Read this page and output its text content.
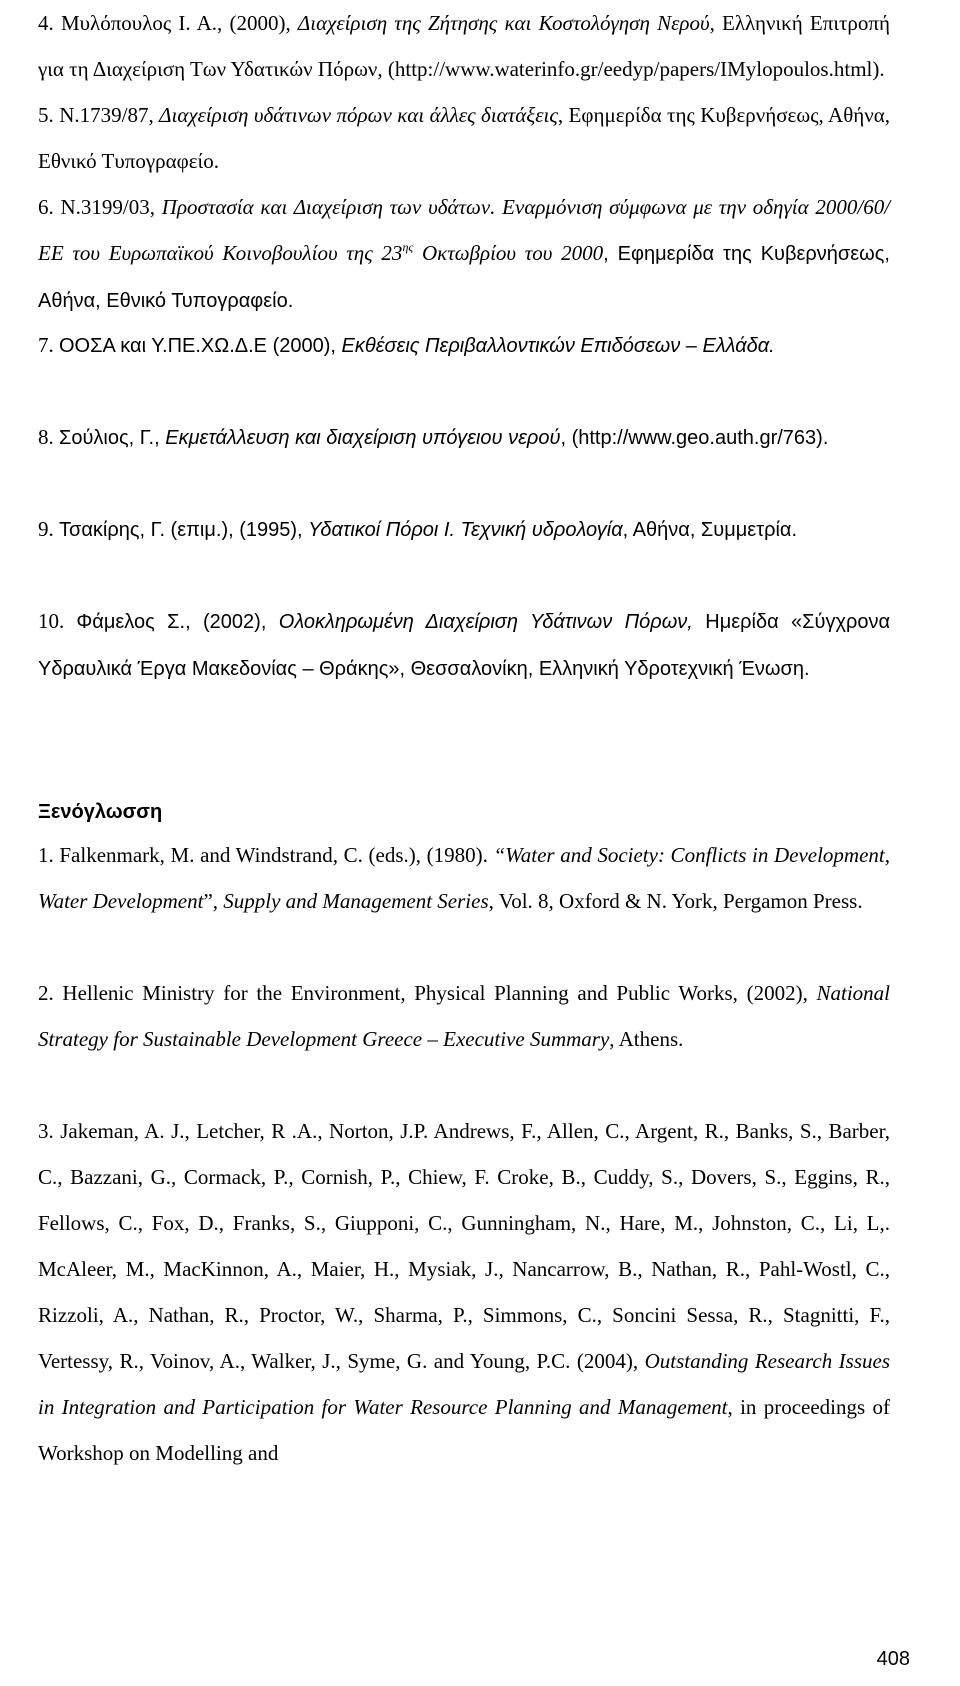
4. Μυλόπουλος Ι. Α., (2000), Διαχείριση της Ζήτησης και Κοστολόγηση Νερού, Ελληνική Επιτροπή για τη Διαχείριση Των Υδατικών Πόρων, (http://www.waterinfo.gr/eedyp/papers/IMylopoulos.html).

5. Ν.1739/87, Διαχείριση υδάτινων πόρων και άλλες διατάξεις, Εφημερίδα της Κυβερνήσεως, Αθήνα, Εθνικό Τυπογραφείο.

6. Ν.3199/03, Προστασία και Διαχείριση των υδάτων. Εναρμόνιση σύμφωνα με την οδηγία 2000/60/ΕΕ του Ευρωπαϊκού Κοινοβουλίου της $23^{\eta\varsigma}$ Οκτωβρίου του 2000, Εφημερίδα της Κυβερνήσεως, Αθήνα, Εθνικό Τυπογραφείο.

7. ΟΟΣΑ και Υ.ΠΕ.ΧΩ.Δ.Ε (2000), Εκθέσεις Περιβαλλοντικών Επιδόσεων – Ελλάδα.

8. Σούλιος, Γ., Εκμετάλλευση και διαχείριση υπόγειου νερού, (http://www.geo.auth.gr/763).

9. Τσακίρης, Γ. (επιμ.), (1995), Υδατικοί Πόροι Ι. Τεχνική υδρολογία, Αθήνα, Συμμετρία.

10. Φάμελος Σ., (2002), Ολοκληρωμένη Διαχείριση Υδάτινων Πόρων, Ημερίδα «Σύγχρονα Υδραυλικά Έργα Μακεδονίας – Θράκης», Θεσσαλονίκη, Ελληνική Υδροτεχνική Ένωση.

Ξενόγλωσση

1. Falkenmark, M. and Windstrand, C. (eds.), (1980). “Water and Society: Conflicts in Development, Water Development”, Supply and Management Series, Vol. 8, Oxford & N. York, Pergamon Press.

2. Hellenic Ministry for the Environment, Physical Planning and Public Works, (2002), National Strategy for Sustainable Development Greece – Executive Summary, Athens.

3. Jakeman, A. J., Letcher, R .A., Norton, J.P. Andrews, F., Allen, C., Argent, R., Banks, S., Barber, C., Bazzani, G., Cormack, P., Cornish, P., Chiew, F. Croke, B., Cuddy, S., Dovers, S., Eggins, R., Fellows, C., Fox, D., Franks, S., Giupponi, C., Gunningham, N., Hare, M., Johnston, C., Li, L,. McAleer, M., MacKinnon, A., Maier, H., Mysiak, J., Nancarrow, B., Nathan, R., Pahl-Wostl, C., Rizzoli, A., Nathan, R., Proctor, W., Sharma, P., Simmons, C., Soncini Sessa, R., Stagnitti, F., Vertessy, R., Voinov, A., Walker, J., Syme, G. and Young, P.C. (2004), Outstanding Research Issues in Integration and Participation for Water Resource Planning and Management, in proceedings of Workshop on Modelling and

408
